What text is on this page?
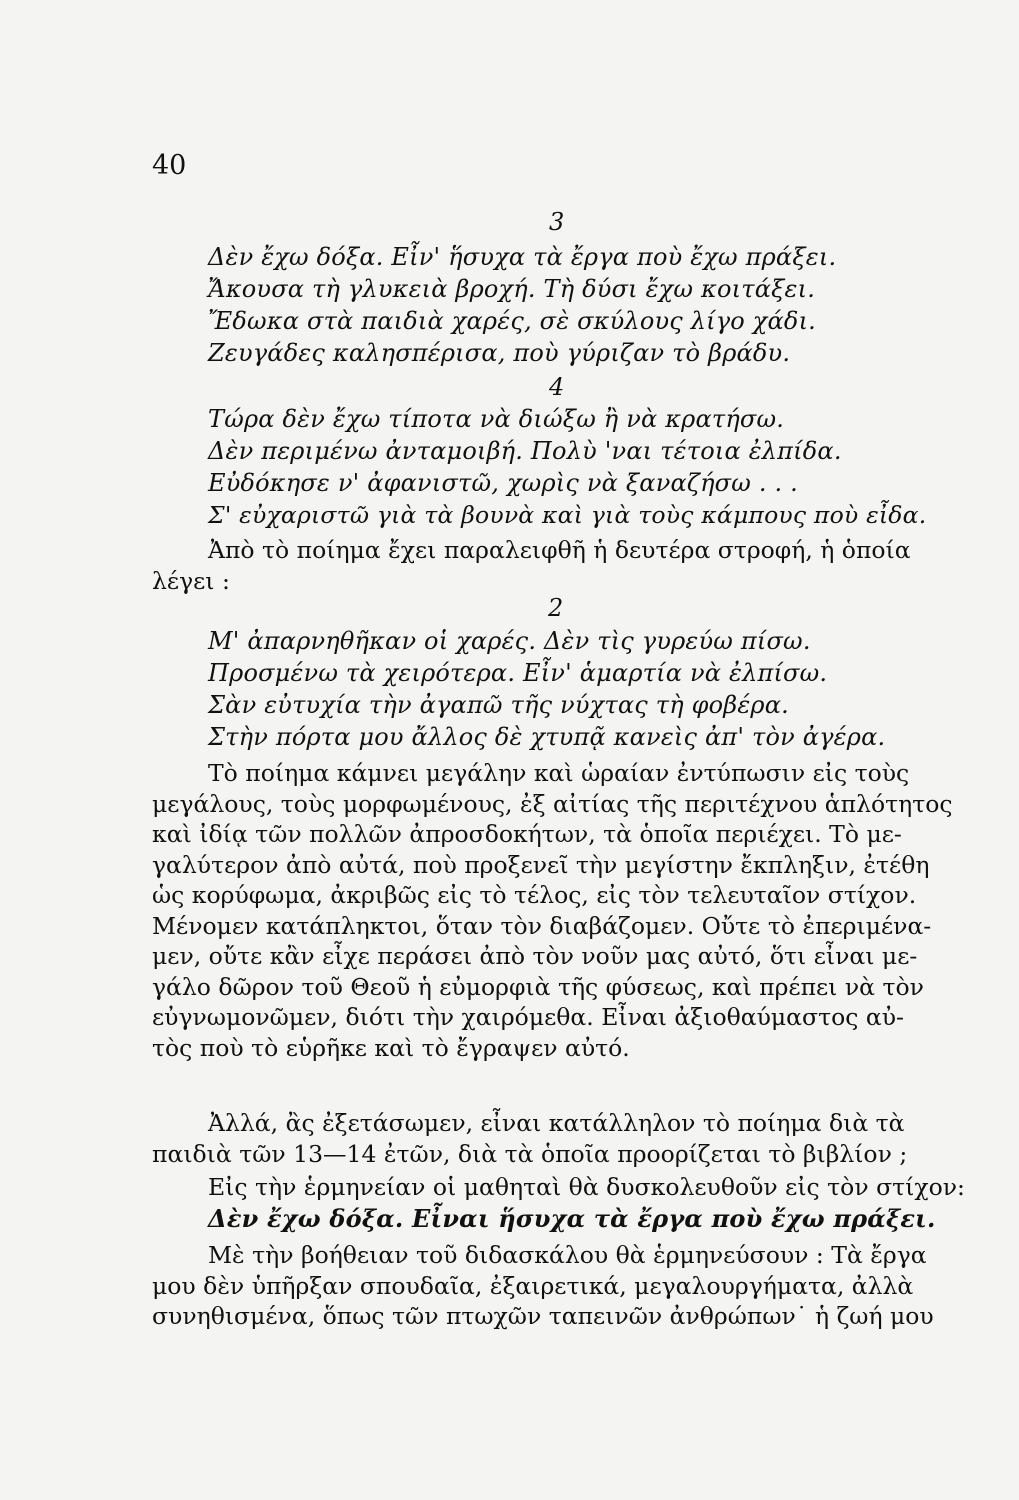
40
3
Δὲν ἔχω δόξα. Εἶν' ἥσυχα τὰ ἔργα ποὺ ἔχω πράξει.
Ἄκουσα τὴ γλυκειὰ βροχή. Τὴ δύσι ἔχω κοιτάξει.
Ἔδωκα στὰ παιδιὰ χαρές, σὲ σκύλους λίγο χάδι.
Ζευγάδες καλησπέρισα, ποὺ γύριζαν τὸ βράδυ.
4
Τώρα δὲν ἔχω τίποτα νὰ διώξω ἢ νὰ κρατήσω.
Δὲν περιμένω ἀνταμοιβή. Πολὺ 'ναι τέτοια ἐλπίδα.
Εὐδόκησε ν' ἀφανιστῶ, χωρὶς νὰ ξαναζήσω . . .
Σ' εὐχαριστῶ γιὰ τὰ βουνὰ καὶ γιὰ τοὺς κάμπους ποὺ εἶδα.
Ἀπὸ τὸ ποίημα ἔχει παραλειφθῆ ἡ δευτέρα στροφή, ἡ ὁποία
λέγει :
2
Μ' ἀπαρνηθῆκαν οἱ χαρές. Δὲν τὶς γυρεύω πίσω.
Προσμένω τὰ χειρότερα. Εἶν' ἁμαρτία νὰ ἐλπίσω.
Σὰν εὐτυχία τὴν ἀγαπῶ τῆς νύχτας τὴ φοβέρα.
Στὴν πόρτα μου ἄλλος δὲ χτυπᾷ κανεὶς ἀπ' τὸν ἀγέρα.
Τὸ ποίημα κάμνει μεγάλην καὶ ὡραίαν ἐντύπωσιν εἰς τοὺς
μεγάλους, τοὺς μορφωμένους, ἐξ αἰτίας τῆς περιτέχνου ἁπλότητος
καὶ ἰδίᾳ τῶν πολλῶν ἀπροσδοκήτων, τὰ ὁποῖα περιέχει. Τὸ με-
γαλύτερον ἀπὸ αὐτά, ποὺ προξενεῖ τὴν μεγίστην ἔκπληξιν, ἐτέθη
ὡς κορύφωμα, ἀκριβῶς εἰς τὸ τέλος, εἰς τὸν τελευταῖον στίχον.
Μένομεν κατάπληκτοι, ὅταν τὸν διαβάζομεν. Οὔτε τὸ ἐπεριμένα-
μεν, οὔτε κἂν εἶχε περάσει ἀπὸ τὸν νοῦν μας αὐτό, ὅτι εἶναι με-
γάλο δῶρον τοῦ Θεοῦ ἡ εὐμορφιὰ τῆς φύσεως, καὶ πρέπει νὰ τὸν
εὐγνωμονῶμεν, διότι τὴν χαιρόμεθα. Εἶναι ἀξιοθαύμαστος αὐ-
τὸς ποὺ τὸ εὑρῆκε καὶ τὸ ἔγραψεν αὐτό.
Ἀλλά, ἂς ἐξετάσωμεν, εἶναι κατάλληλον τὸ ποίημα διὰ τὰ
παιδιὰ τῶν 13—14 ἐτῶν, διὰ τὰ ὁποῖα προορίζεται τὸ βιβλίον ;
Εἰς τὴν ἑρμηνείαν οἱ μαθηταὶ θὰ δυσκολευθοῦν εἰς τὸν στίχον:
Δὲν ἔχω δόξα. Εἶναι ἥσυχα τὰ ἔργα ποὺ ἔχω πράξει.
Μὲ τὴν βοήθειαν τοῦ διδασκάλου θὰ ἑρμηνεύσουν : Τὰ ἔργα
μου δὲν ὑπῆρξαν σπουδαῖα, ἐξαιρετικά, μεγαλουργήματα, ἀλλὰ
συνηθισμένα, ὅπως τῶν πτωχῶν ταπεινῶν ἀνθρώπων˙ ἡ ζωή μου
